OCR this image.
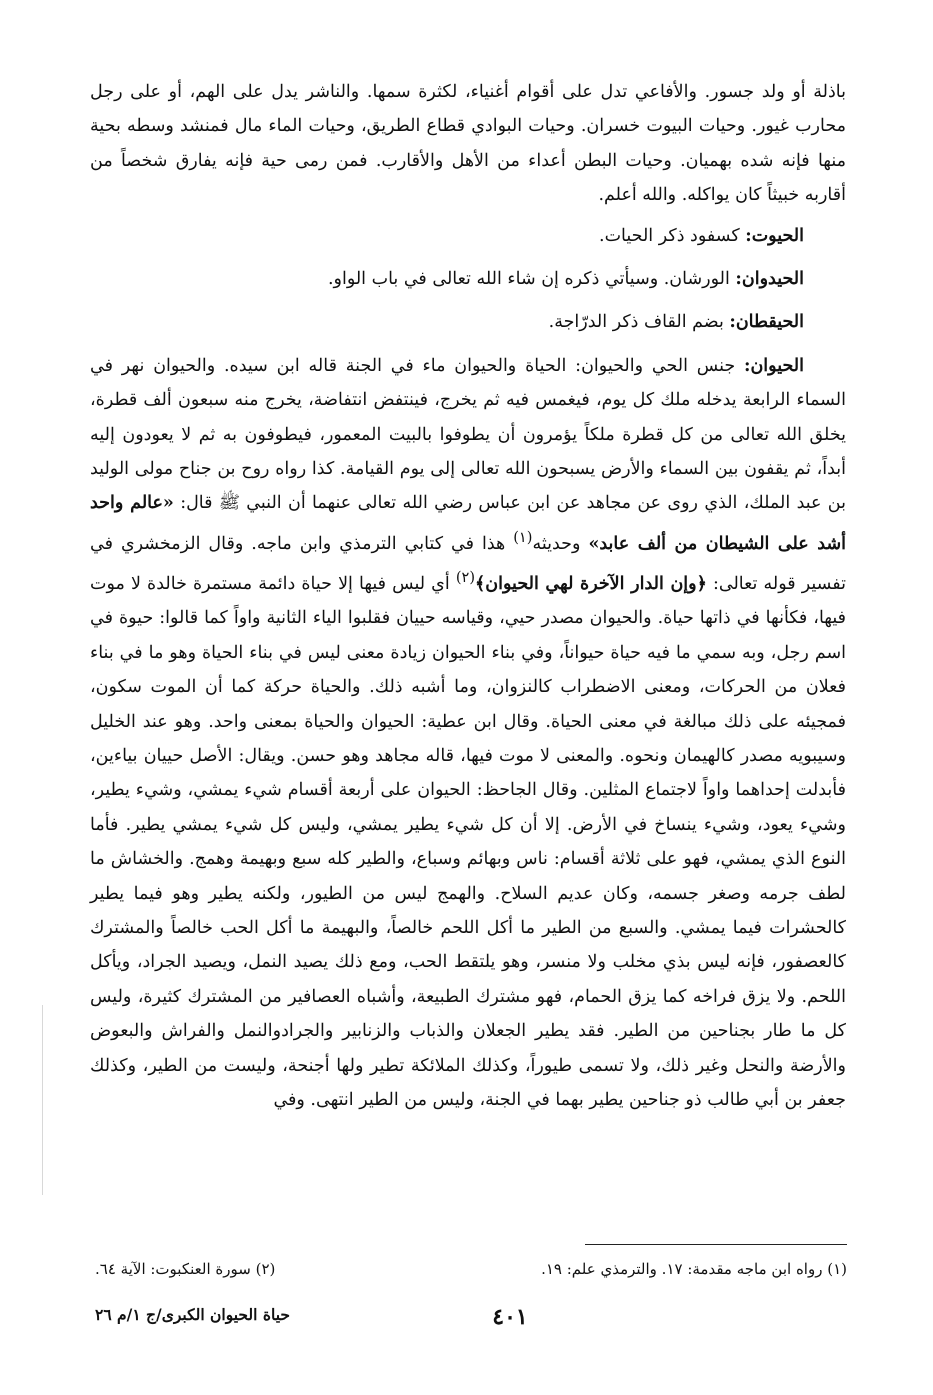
باذلة أو ولد جسور. والأفاعي تدل على أقوام أغنياء، لكثرة سمها. والناشر يدل على الهم، أو على رجل محارب غيور. وحيات البيوت خسران. وحيات البوادي قطاع الطريق، وحيات الماء مال فمنشد وسطه بحية منها فإنه شده بهميان. وحيات البطن أعداء من الأهل والأقارب. فمن رمى حية فإنه يفارق شخصاً من أقاربه خبيثاً كان يواكله. والله أعلم.

الحيوت: كسفود ذكر الحيات.

الحيدوان: الورشان. وسيأتي ذكره إن شاء الله تعالى في باب الواو.

الحيقطان: بضم القاف ذكر الدرّاجة.

الحيوان: جنس الحي والحيوان: الحياة والحيوان ماء في الجنة قاله ابن سيده. والحيوان نهر في السماء الرابعة يدخله ملك كل يوم، فيغمس فيه ثم يخرج، فينتفض انتفاضة، يخرج منه سبعون ألف قطرة، يخلق الله تعالى من كل قطرة ملكاً يؤمرون أن يطوفوا بالبيت المعمور، فيطوفون به ثم لا يعودون إليه أبداً، ثم يقفون بين السماء والأرض يسبحون الله تعالى إلى يوم القيامة. كذا رواه روح بن جناح مولى الوليد بن عبد الملك، الذي روى عن مجاهد عن ابن عباس رضي الله تعالى عنهما أن النبي ﷺ قال: «عالم واحد أشد على الشيطان من ألف عابد» وحديثه$^{(١)}$ هذا في كتابي الترمذي وابن ماجه. وقال الزمخشري في تفسير قوله تعالى: ﴿وإن الدار الآخرة لهي الحيوان﴾$^{(٢)}$ أي ليس فيها إلا حياة دائمة مستمرة خالدة لا موت فيها، فكأنها في ذاتها حياة. والحيوان مصدر حيي، وقياسه حييان فقلبوا الياء الثانية واواً كما قالوا: حيوة في اسم رجل، وبه سمي ما فيه حياة حيواناً، وفي بناء الحيوان زيادة معنى ليس في بناء الحياة وهو ما في بناء فعلان من الحركات، ومعنى الاضطراب كالنزوان، وما أشبه ذلك. والحياة حركة كما أن الموت سكون، فمجيئه على ذلك مبالغة في معنى الحياة. وقال ابن عطية: الحيوان والحياة بمعنى واحد. وهو عند الخليل وسيبويه مصدر كالهيمان ونحوه. والمعنى لا موت فيها، قاله مجاهد وهو حسن. ويقال: الأصل حييان بياءين، فأبدلت إحداهما واواً لاجتماع المثلين. وقال الجاحظ: الحيوان على أربعة أقسام شيء يمشي، وشيء يطير، وشيء يعود، وشيء ينساخ في الأرض. إلا أن كل شيء يطير يمشي، وليس كل شيء يمشي يطير. فأما النوع الذي يمشي، فهو على ثلاثة أقسام: ناس وبهائم وسباع، والطير كله سبع وبهيمة وهمج. والخشاش ما لطف جرمه وصغر جسمه، وكان عديم السلاح. والهمج ليس من الطيور، ولكنه يطير وهو فيما يطير كالحشرات فيما يمشي. والسبع من الطير ما أكل اللحم خالصاً، والبهيمة ما أكل الحب خالصاً والمشترك كالعصفور، فإنه ليس بذي مخلب ولا منسر، وهو يلتقط الحب، ومع ذلك يصيد النمل، ويصيد الجراد، ويأكل اللحم. ولا يزق فراخه كما يزق الحمام، فهو مشترك الطبيعة، وأشباه العصافير من المشترك كثيرة، وليس كل ما طار بجناحين من الطير. فقد يطير الجعلان والذباب والزنابير والجرادوالنمل والفراش والبعوض والأرضة والنحل وغير ذلك، ولا تسمى طيوراً، وكذلك الملائكة تطير ولها أجنحة، وليست من الطير، وكذلك جعفر بن أبي طالب ذو جناحين يطير بهما في الجنة، وليس من الطير انتهى. وفي

(١) رواه ابن ماجه مقدمة: ١٧. والترمذي علم: ١٩.
(٢) سورة العنكبوت: الآية ٦٤.
٤٠١
حياة الحيوان الكبرى/ج ١/م ٢٦
